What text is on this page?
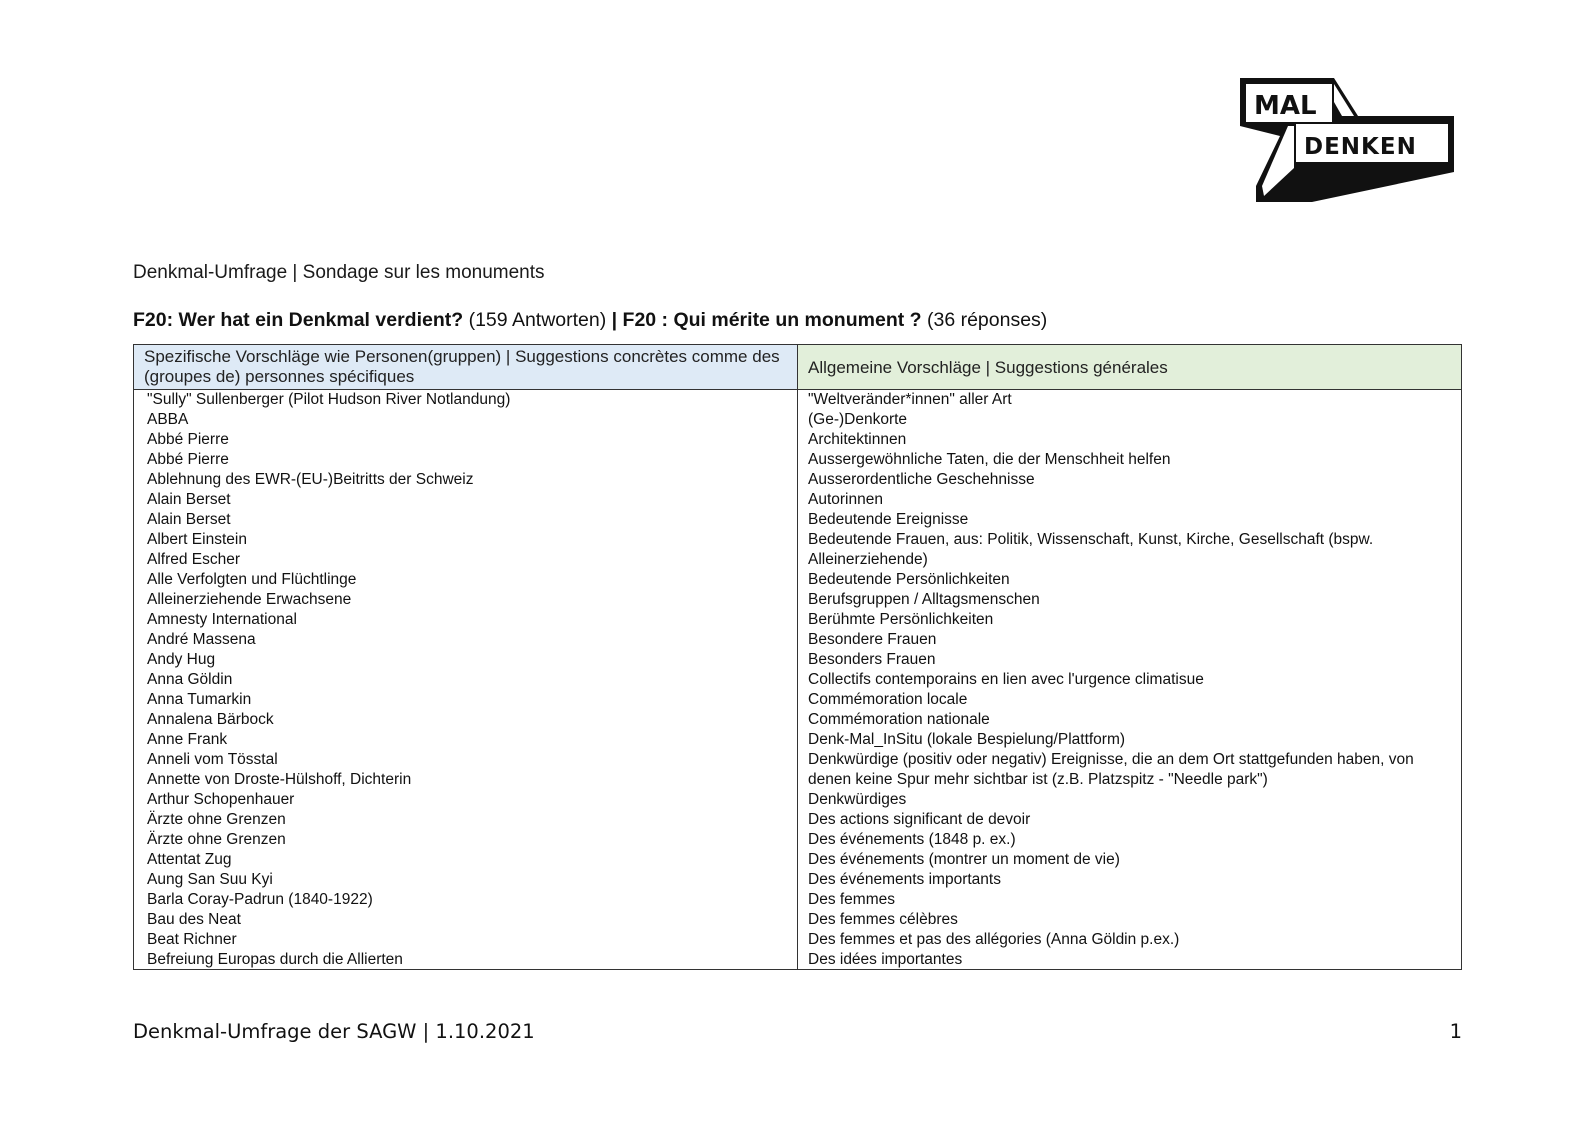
MAL
DENKEN
Denkmal-Umfrage | Sondage sur les monuments
F20: Wer hat ein Denkmal verdient? (159 Antworten) | F20 : Qui mérite un monument ? (36 réponses)
Spezifische Vorschläge wie Personen(gruppen) | Suggestions concrètes comme des (groupes de) personnes spécifiques	Allgemeine Vorschläge | Suggestions générales
"Sully" Sullenberger (Pilot Hudson River Notlandung)
ABBA
Abbé Pierre
Abbé Pierre
Ablehnung des EWR-(EU-)Beitritts der Schweiz
Alain Berset
Alain Berset
Albert Einstein
Alfred Escher
Alle Verfolgten und Flüchtlinge
Alleinerziehende Erwachsene
Amnesty International
André Massena
Andy Hug
Anna Göldin
Anna Tumarkin
Annalena Bärbock
Anne Frank
Anneli vom Tösstal
Annette von Droste-Hülshoff, Dichterin
Arthur Schopenhauer
Ärzte ohne Grenzen
Ärzte ohne Grenzen
Attentat Zug
Aung San Suu Kyi
Barla Coray-Padrun (1840-1922)
Bau des Neat
Beat Richner
Befreiung Europas durch die Allierten
"Weltveränder*innen" aller Art
(Ge-)Denkorte
Architektinnen
Aussergewöhnliche Taten, die der Menschheit helfen
Ausserordentliche Geschehnisse
Autorinnen
Bedeutende Ereignisse
Bedeutende Frauen, aus: Politik, Wissenschaft, Kunst, Kirche, Gesellschaft (bspw. Alleinerziehende)
Bedeutende Persönlichkeiten
Berufsgruppen / Alltagsmenschen
Berühmte Persönlichkeiten
Besondere Frauen
Besonders Frauen
Collectifs contemporains en lien avec l'urgence climatisue
Commémoration locale
Commémoration nationale
Denk-Mal_InSitu (lokale Bespielung/Plattform)
Denkwürdige (positiv oder negativ) Ereignisse, die an dem Ort stattgefunden haben, von denen keine Spur mehr sichtbar ist (z.B. Platzspitz - "Needle park")
Denkwürdiges
Des actions significant de devoir
Des événements (1848 p. ex.)
Des événements (montrer un moment de vie)
Des événements importants
Des femmes
Des femmes célèbres
Des femmes et pas des allégories (Anna Göldin p.ex.)
Des idées importantes
Denkmal-Umfrage der SAGW | 1.10.2021	1
